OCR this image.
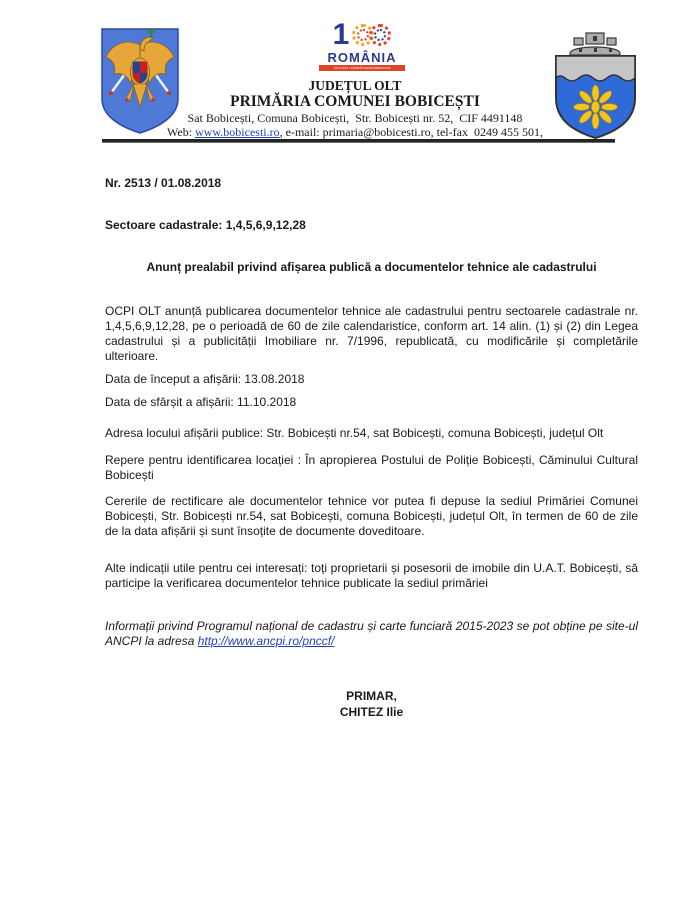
1
ROMÂNIA
1918-2018 | SĂRBĂTORIM ÎMPREUNĂ
JUDEȚUL OLT
PRIMĂRIA COMUNEI BOBICEȘTI
Sat Bobicești, Comuna Bobicești,  Str. Bobicești nr. 52,  CIF 4491148
Web: www.bobicesti.ro, e-mail: primaria@bobicesti.ro, tel-fax  0249 455 501,
Nr. 2513 / 01.08.2018
Sectoare cadastrale: 1,4,5,6,9,12,28
Anunț prealabil privind afișarea publică a documentelor tehnice ale cadastrului
OCPI OLT anunță publicarea documentelor tehnice ale cadastrului pentru sectoarele cadastrale nr. 1,4,5,6,9,12,28, pe o perioadă de 60 de zile calendaristice, conform art. 14 alin. (1) și (2) din Legea cadastrului și a publicității Imobiliare nr. 7/1996, republicată, cu modificările și completările ulterioare.
Data de început a afișării: 13.08.2018
Data de sfârșit a afișării: 11.10.2018
Adresa locului afișării publice: Str. Bobicești nr.54, sat Bobicești, comuna Bobicești, județul Olt
Repere pentru identificarea locației : În apropierea Postului de Poliție Bobicești, Căminului Cultural Bobicești
Cererile de rectificare ale documentelor tehnice vor putea fi depuse la sediul Primăriei Comunei Bobicești, Str. Bobicești nr.54, sat Bobicești, comuna Bobicești, județul Olt, în termen de 60 de zile de la data afișării și sunt însoțite de documente doveditoare.
Alte indicații utile pentru cei interesați: toți proprietarii și posesorii de imobile din U.A.T. Bobicești, să participe la verificarea documentelor tehnice publicate la sediul primăriei
Informații privind Programul național de cadastru și carte funciară 2015-2023 se pot obține pe site-ul ANCPI la adresa http://www.ancpi.ro/pnccf/
PRIMAR,
CHITEZ Ilie
